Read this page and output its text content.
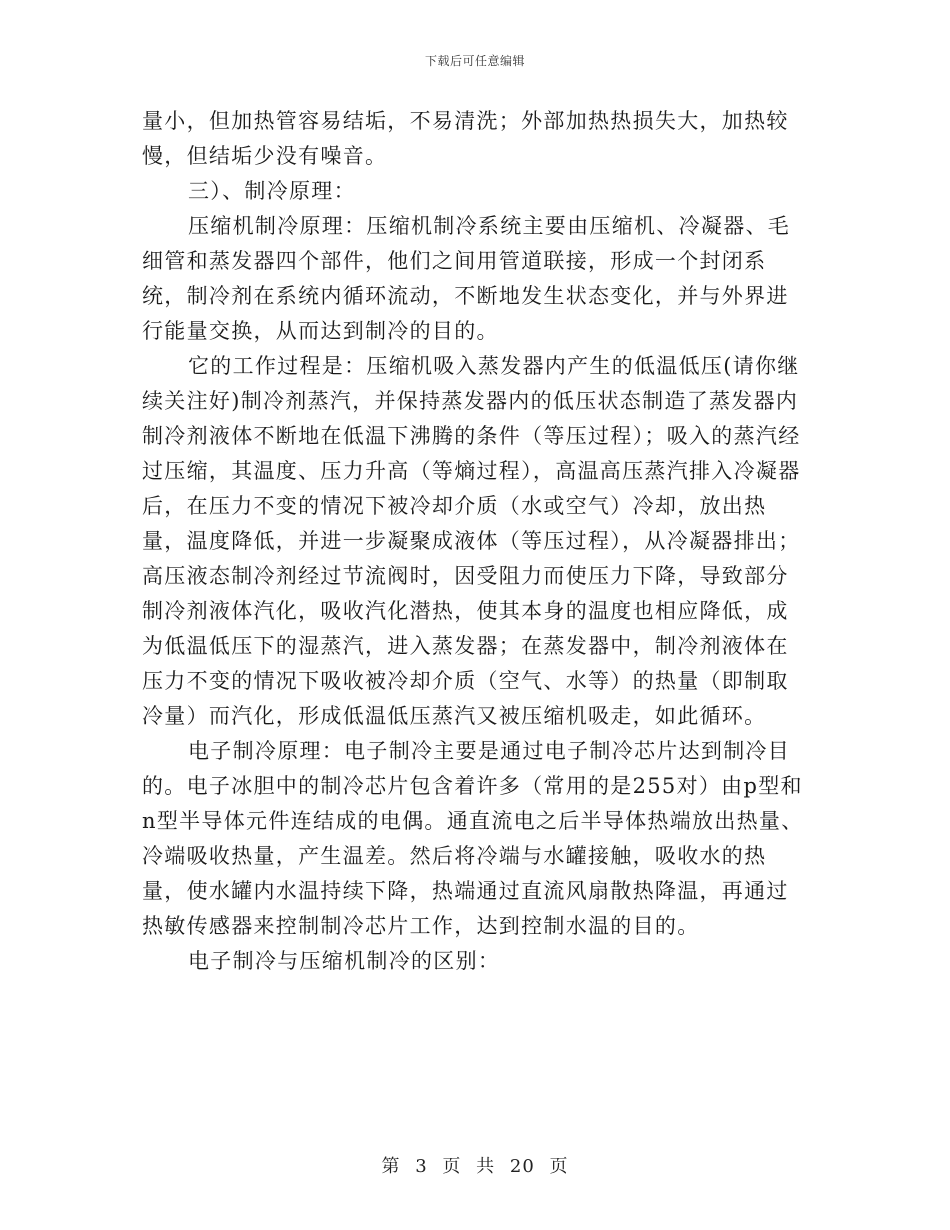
下载后可任意编辑

量小，但加热管容易结垢，不易清洗；外部加热热损失大，加热较慢，但结垢少没有噪音。

三）、制冷原理：

压缩机制冷原理：压缩机制冷系统主要由压缩机、冷凝器、毛细管和蒸发器四个部件，他们之间用管道联接，形成一个封闭系统，制冷剂在系统内循环流动，不断地发生状态变化，并与外界进行能量交换，从而达到制冷的目的。

它的工作过程是：压缩机吸入蒸发器内产生的低温低压(请你继续关注好)制冷剂蒸汽，并保持蒸发器内的低压状态制造了蒸发器内制冷剂液体不断地在低温下沸腾的条件（等压过程）；吸入的蒸汽经过压缩，其温度、压力升高（等熵过程），高温高压蒸汽排入冷凝器后，在压力不变的情况下被冷却介质（水或空气）冷却，放出热量，温度降低，并进一步凝聚成液体（等压过程），从冷凝器排出；高压液态制冷剂经过节流阀时，因受阻力而使压力下降，导致部分制冷剂液体汽化，吸收汽化潜热，使其本身的温度也相应降低，成为低温低压下的湿蒸汽，进入蒸发器；在蒸发器中，制冷剂液体在压力不变的情况下吸收被冷却介质（空气、水等）的热量（即制取冷量）而汽化，形成低温低压蒸汽又被压缩机吸走，如此循环。

电子制冷原理：电子制冷主要是通过电子制冷芯片达到制冷目的。电子冰胆中的制冷芯片包含着许多（常用的是255对）由p型和n型半导体元件连结成的电偶。通直流电之后半导体热端放出热量、冷端吸收热量，产生温差。然后将冷端与水罐接触，吸收水的热量，使水罐内水温持续下降，热端通过直流风扇散热降温，再通过热敏传感器来控制制冷芯片工作，达到控制水温的目的。

电子制冷与压缩机制冷的区别：

第 3 页 共 20 页
